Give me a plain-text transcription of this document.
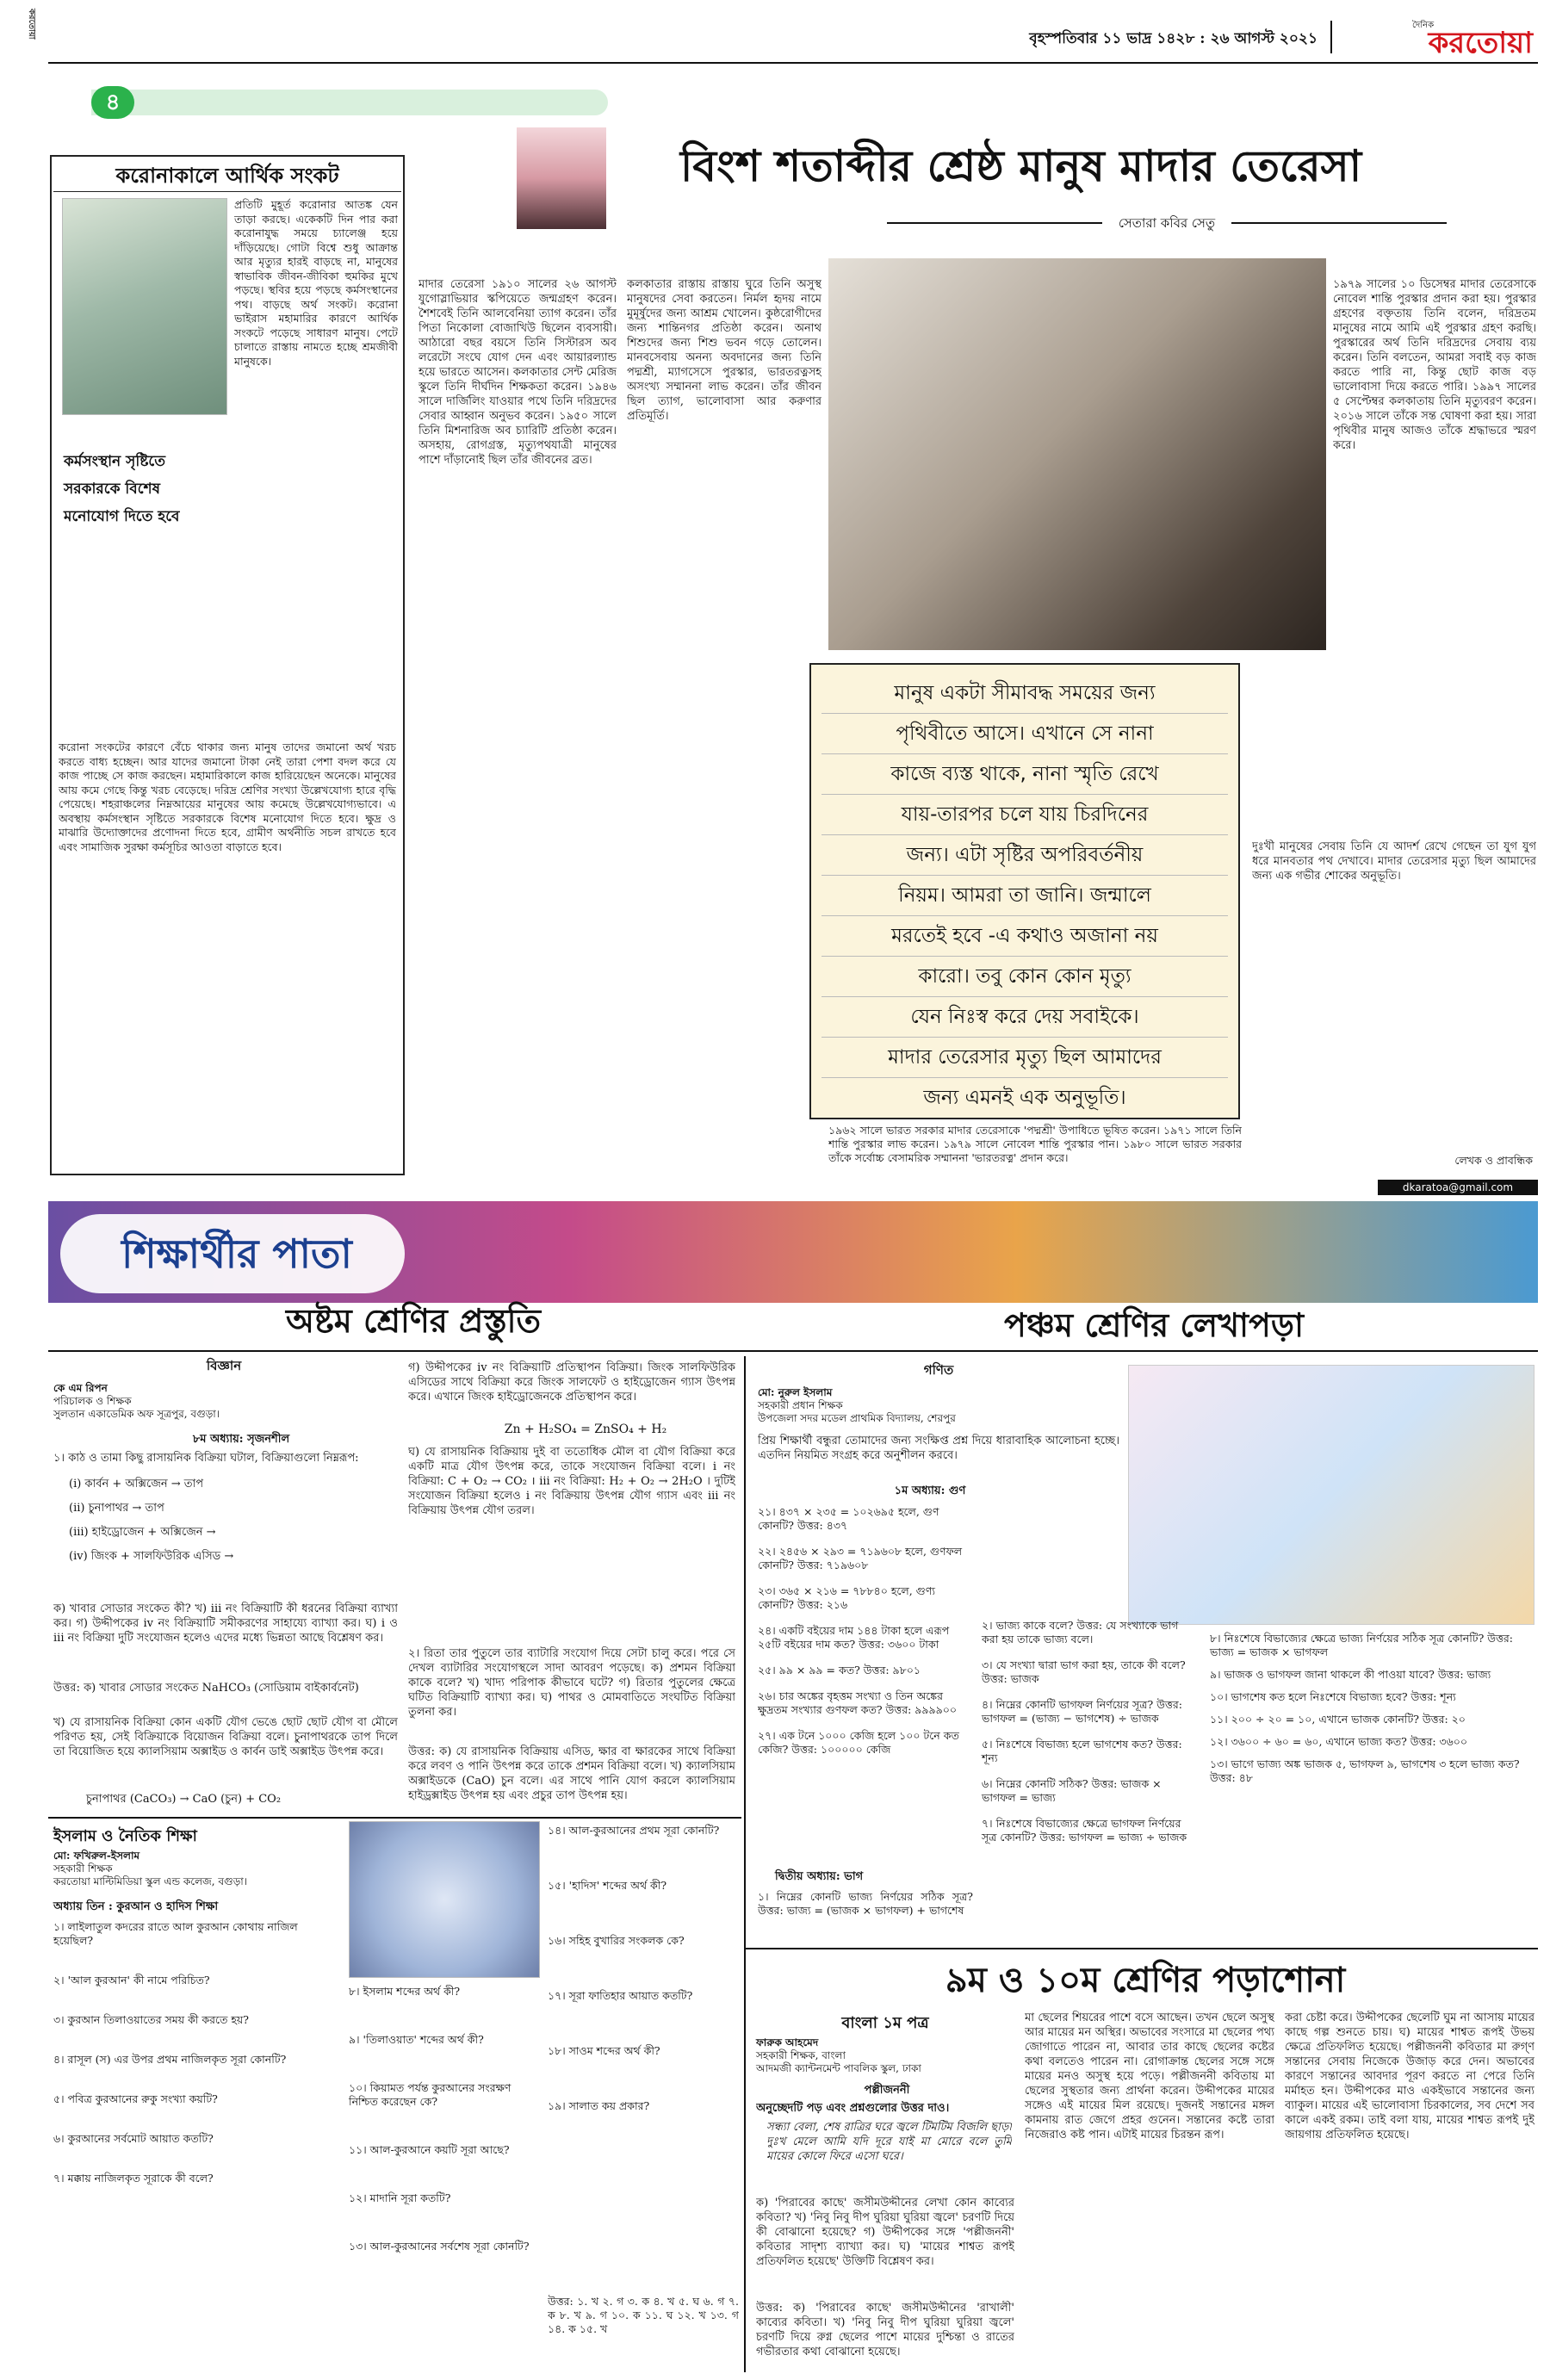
করতোয়া
৪
বৃহস্পতিবার ১১ ভাদ্র ১৪২৮ : ২৬ আগস্ট ২০২১
দৈনিক
করতোয়া
করোনাকালে আর্থিক সংকট
প্রতিটি মুহূর্ত করোনার আতঙ্ক যেন তাড়া করছে। একেকটি দিন পার করা করোনাযুদ্ধ সময়ে চ্যালেঞ্জ হয়ে দাঁড়িয়েছে। গোটা বিশ্বে শুধু আক্রান্ত আর মৃত্যুর হারই বাড়ছে না, মানুষের স্বাভাবিক জীবন-জীবিকা হুমকির মুখে পড়ছে। স্থবির হয়ে পড়ছে কর্মসংস্থানের পথ। বাড়ছে অর্থ সংকট। করোনা ভাইরাস মহামারির কারণে আর্থিক সংকটে পড়েছে সাধারণ মানুষ। পেটে চালাতে রাস্তায় নামতে হচ্ছে শ্রমজীবী মানুষকে।
কর্মসংস্থান সৃষ্টিতে সরকারকে বিশেষ মনোযোগ দিতে হবে
করোনা সংকটের কারণে বেঁচে থাকার জন্য মানুষ তাদের জমানো অর্থ খরচ করতে বাধ্য হচ্ছেন। আর যাদের জমানো টাকা নেই তারা পেশা বদল করে যে কাজ পাচ্ছে সে কাজ করছেন। মহামারিকালে কাজ হারিয়েছেন অনেকে। মানুষের আয় কমে গেছে কিন্তু খরচ বেড়েছে। দরিদ্র শ্রেণির সংখ্যা উল্লেখযোগ্য হারে বৃদ্ধি পেয়েছে। শহরাঞ্চলের নিম্নআয়ের মানুষের আয় কমেছে উল্লেখযোগ্যভাবে। এ অবস্থায় কর্মসংস্থান সৃষ্টিতে সরকারকে বিশেষ মনোযোগ দিতে হবে। ক্ষুদ্র ও মাঝারি উদ্যোক্তাদের প্রণোদনা দিতে হবে, গ্রামীণ অর্থনীতি সচল রাখতে হবে এবং সামাজিক সুরক্ষা কর্মসূচির আওতা বাড়াতে হবে।
বিংশ শতাব্দীর শ্রেষ্ঠ মানুষ মাদার তেরেসা
সেতারা কবির সেতু
মাদার তেরেসা ১৯১০ সালের ২৬ আগস্ট যুগোস্লাভিয়ার স্কপিয়েতে জন্মগ্রহণ করেন। শৈশবেই তিনি আলবেনিয়া ত্যাগ করেন। তাঁর পিতা নিকোলা বোজাখিউ ছিলেন ব্যবসায়ী। আঠারো বছর বয়সে তিনি সিস্টারস অব লরেটো সংঘে যোগ দেন এবং আয়ারল্যান্ড হয়ে ভারতে আসেন। কলকাতার সেন্ট মেরিজ স্কুলে তিনি দীর্ঘদিন শিক্ষকতা করেন। ১৯৪৬ সালে দার্জিলিং যাওয়ার পথে তিনি দরিদ্রদের সেবার আহ্বান অনুভব করেন। ১৯৫০ সালে তিনি মিশনারিজ অব চ্যারিটি প্রতিষ্ঠা করেন। অসহায়, রোগগ্রস্ত, মৃত্যুপথযাত্রী মানুষের পাশে দাঁড়ানোই ছিল তাঁর জীবনের ব্রত।
কলকাতার রাস্তায় রাস্তায় ঘুরে তিনি অসুস্থ মানুষদের সেবা করতেন। নির্মল হৃদয় নামে মুমূর্ষুদের জন্য আশ্রম খোলেন। কুষ্ঠরোগীদের জন্য শান্তিনগর প্রতিষ্ঠা করেন। অনাথ শিশুদের জন্য শিশু ভবন গড়ে তোলেন। মানবসেবায় অনন্য অবদানের জন্য তিনি পদ্মশ্রী, ম্যাগসেসে পুরস্কার, ভারতরত্নসহ অসংখ্য সম্মাননা লাভ করেন। তাঁর জীবন ছিল ত্যাগ, ভালোবাসা আর করুণার প্রতিমূর্তি।
মানুষ একটা সীমাবদ্ধ সময়ের জন্য
পৃথিবীতে আসে। এখানে সে নানা
কাজে ব্যস্ত থাকে, নানা স্মৃতি রেখে
যায়-তারপর চলে যায় চিরদিনের
জন্য। এটা সৃষ্টির অপরিবর্তনীয়
নিয়ম। আমরা তা জানি। জন্মালে
মরতেই হবে -এ কথাও অজানা নয়
কারো। তবু কোন কোন মৃত্যু
যেন নিঃস্ব করে দেয় সবাইকে।
মাদার তেরেসার মৃত্যু ছিল আমাদের
জন্য এমনই এক অনুভূতি।
১৯৭৯ সালের ১০ ডিসেম্বর মাদার তেরেসাকে নোবেল শান্তি পুরস্কার প্রদান করা হয়। পুরস্কার গ্রহণের বক্তৃতায় তিনি বলেন, দরিদ্রতম মানুষের নামে আমি এই পুরস্কার গ্রহণ করছি। পুরস্কারের অর্থ তিনি দরিদ্রদের সেবায় ব্যয় করেন। তিনি বলতেন, আমরা সবাই বড় কাজ করতে পারি না, কিন্তু ছোট কাজ বড় ভালোবাসা দিয়ে করতে পারি। ১৯৯৭ সালের ৫ সেপ্টেম্বর কলকাতায় তিনি মৃত্যুবরণ করেন। ২০১৬ সালে তাঁকে সন্ত ঘোষণা করা হয়। সারা পৃথিবীর মানুষ আজও তাঁকে শ্রদ্ধাভরে স্মরণ করে।
দুঃখী মানুষের সেবায় তিনি যে আদর্শ রেখে গেছেন তা যুগ যুগ ধরে মানবতার পথ দেখাবে। মাদার তেরেসার মৃত্যু ছিল আমাদের জন্য এক গভীর শোকের অনুভূতি।
১৯৬২ সালে ভারত সরকার মাদার তেরেসাকে 'পদ্মশ্রী' উপাধিতে ভূষিত করেন। ১৯৭১ সালে তিনি শান্তি পুরস্কার লাভ করেন। ১৯৭৯ সালে নোবেল শান্তি পুরস্কার পান। ১৯৮০ সালে ভারত সরকার তাঁকে সর্বোচ্চ বেসামরিক সম্মাননা 'ভারতরত্ন' প্রদান করে।	লেখক ও প্রাবন্ধিক
dkaratoa@gmail.com
শিক্ষার্থীর পাতা
অষ্টম শ্রেণির প্রস্তুতি	পঞ্চম শ্রেণির লেখাপড়া
বিজ্ঞান
কে এম রিপন
পরিচালক ও শিক্ষক
সুলতান একাডেমিক অফ সূত্রপুর, বগুড়া।
৮ম অধ্যায়: সৃজনশীল
১। কাঠ ও তামা কিছু রাসায়নিক বিক্রিয়া ঘটাল, বিক্রিয়াগুলো নিম্নরূপ:
(i) কার্বন + অক্সিজেন → তাপ
(ii) চুনাপাথর → তাপ
(iii) হাইড্রোজেন + অক্সিজেন →
(iv) জিংক + সালফিউরিক এসিড →
ক) খাবার সোডার সংকেত কী? খ) iii নং বিক্রিয়াটি কী ধরনের বিক্রিয়া ব্যাখ্যা কর। গ) উদ্দীপকের iv নং বিক্রিয়াটি সমীকরণের সাহায্যে ব্যাখ্যা কর। ঘ) i ও iii নং বিক্রিয়া দুটি সংযোজন হলেও এদের মধ্যে ভিন্নতা আছে বিশ্লেষণ কর।
উত্তর: ক) খাবার সোডার সংকেত NaHCO₃ (সোডিয়াম বাইকার্বনেট)
খ) যে রাসায়নিক বিক্রিয়া কোন একটি যৌগ ভেঙে ছোট ছোট যৌগ বা মৌলে পরিণত হয়, সেই বিক্রিয়াকে বিয়োজন বিক্রিয়া বলে। চুনাপাথরকে তাপ দিলে তা বিয়োজিত হয়ে ক্যালসিয়াম অক্সাইড ও কার্বন ডাই অক্সাইড উৎপন্ন করে।
চুনাপাথর (CaCO₃) → CaO (চুন) + CO₂
গ) উদ্দীপকের iv নং বিক্রিয়াটি প্রতিস্থাপন বিক্রিয়া। জিংক সালফিউরিক এসিডের সাথে বিক্রিয়া করে জিংক সালফেট ও হাইড্রোজেন গ্যাস উৎপন্ন করে। এখানে জিংক হাইড্রোজেনকে প্রতিস্থাপন করে।
Zn + H₂SO₄ = ZnSO₄ + H₂
ঘ) যে রাসায়নিক বিক্রিয়ায় দুই বা ততোধিক মৌল বা যৌগ বিক্রিয়া করে একটি মাত্র যৌগ উৎপন্ন করে, তাকে সংযোজন বিক্রিয়া বলে। i নং বিক্রিয়া: C + O₂ → CO₂ । iii নং বিক্রিয়া: H₂ + O₂ → 2H₂O । দুটিই সংযোজন বিক্রিয়া হলেও i নং বিক্রিয়ায় উৎপন্ন যৌগ গ্যাস এবং iii নং বিক্রিয়ায় উৎপন্ন যৌগ তরল।
২। রিতা তার পুতুলে তার ব্যাটারি সংযোগ দিয়ে সেটা চালু করে। পরে সে দেখল ব্যাটারির সংযোগস্থলে সাদা আবরণ পড়েছে। ক) প্রশমন বিক্রিয়া কাকে বলে? খ) খাদ্য পরিপাক কীভাবে ঘটে? গ) রিতার পুতুলের ক্ষেত্রে ঘটিত বিক্রিয়াটি ব্যাখ্যা কর। ঘ) পাথর ও মোমবাতিতে সংঘটিত বিক্রিয়া তুলনা কর।
উত্তর: ক) যে রাসায়নিক বিক্রিয়ায় এসিড, ক্ষার বা ক্ষারকের সাথে বিক্রিয়া করে লবণ ও পানি উৎপন্ন করে তাকে প্রশমন বিক্রিয়া বলে। খ) ক্যালসিয়াম অক্সাইডকে (CaO) চুন বলে। এর সাথে পানি যোগ করলে ক্যালসিয়াম হাইড্রক্সাইড উৎপন্ন হয় এবং প্রচুর তাপ উৎপন্ন হয়।
ইসলাম ও নৈতিক শিক্ষা
মো: ফখিরুল-ইসলাম
সহকারী শিক্ষক
করতোয়া মাল্টিমিডিয়া স্কুল এন্ড কলেজ, বগুড়া।
অধ্যায় তিন : কুরআন ও হাদিস শিক্ষা
১। লাইলাতুল কদরের রাতে আল কুরআন কোথায় নাজিল হয়েছিল?
২। 'আল কুরআন' কী নামে পরিচিত?
৩। কুরআন তিলাওয়াতের সময় কী করতে হয়?
৪। রাসূল (স) এর উপর প্রথম নাজিলকৃত সূরা কোনটি?
৫। পবিত্র কুরআনের রুকু সংখ্যা কয়টি?
৬। কুরআনের সর্বমোট আয়াত কতটি?
৭। মক্কায় নাজিলকৃত সূরাকে কী বলে?
৮। ইসলাম শব্দের অর্থ কী?
৯। 'তিলাওয়াত' শব্দের অর্থ কী?
১০। কিয়ামত পর্যন্ত কুরআনের সংরক্ষণ নিশ্চিত করেছেন কে?
১১। আল-কুরআনে কয়টি সূরা আছে?
১২। মাদানি সূরা কতটি?
১৩। আল-কুরআনের সর্বশেষ সূরা কোনটি?
১৪। আল-কুরআনের প্রথম সূরা কোনটি?
১৫। 'হাদিস' শব্দের অর্থ কী?
১৬। সহিহ বুখারির সংকলক কে?
১৭। সূরা ফাতিহার আয়াত কতটি?
১৮। সাওম শব্দের অর্থ কী?
১৯। সালাত কয় প্রকার?
উত্তর: ১. খ ২. গ ৩. ক ৪. খ ৫. ঘ ৬. গ ৭. ক ৮. খ ৯. গ ১০. ক ১১. ঘ ১২. খ ১৩. গ ১৪. ক ১৫. খ
গণিত
মো: নুরুল ইসলাম
সহকারী প্রধান শিক্ষক
উপজেলা সদর মডেল প্রাথমিক বিদ্যালয়, শেরপুর
প্রিয় শিক্ষার্থী বন্ধুরা তোমাদের জন্য সংক্ষিপ্ত প্রশ্ন দিয়ে ধারাবাহিক আলোচনা হচ্ছে। এতদিন নিয়মিত সংগ্রহ করে অনুশীলন করবে।
১ম অধ্যায়: গুণ
২১। ৪৩৭ × ২৩৫ = ১০২৬৯৫ হলে, গুণ কোনটি? উত্তর: ৪৩৭
২২। ২৪৫৬ × ২৯৩ = ৭১৯৬০৮ হলে, গুণফল কোনটি? উত্তর: ৭১৯৬০৮
২৩। ৩৬৫ × ২১৬ = ৭৮৮৪০ হলে, গুণ্য কোনটি? উত্তর: ২১৬
২৪। একটি বইয়ের দাম ১৪৪ টাকা হলে এরূপ ২৫টি বইয়ের দাম কত? উত্তর: ৩৬০০ টাকা
২৫। ৯৯ × ৯৯ = কত? উত্তর: ৯৮০১
২৬। চার অঙ্কের বৃহত্তম সংখ্যা ও তিন অঙ্কের ক্ষুদ্রতম সংখ্যার গুণফল কত? উত্তর: ৯৯৯৯০০
২৭। এক টনে ১০০০ কেজি হলে ১০০ টনে কত কেজি? উত্তর: ১০০০০০ কেজি
দ্বিতীয় অধ্যায়: ভাগ
১। নিম্নের কোনটি ভাজ্য নির্ণয়ের সঠিক সূত্র? উত্তর: ভাজ্য = (ভাজক × ভাগফল) + ভাগশেষ
২। ভাজ্য কাকে বলে? উত্তর: যে সংখ্যাকে ভাগ করা হয় তাকে ভাজ্য বলে।
৩। যে সংখ্যা দ্বারা ভাগ করা হয়, তাকে কী বলে? উত্তর: ভাজক
৪। নিম্নের কোনটি ভাগফল নির্ণয়ের সূত্র? উত্তর: ভাগফল = (ভাজ্য − ভাগশেষ) ÷ ভাজক
৫। নিঃশেষে বিভাজ্য হলে ভাগশেষ কত? উত্তর: শূন্য
৬। নিম্নের কোনটি সঠিক? উত্তর: ভাজক × ভাগফল = ভাজ্য
৭। নিঃশেষে বিভাজ্যের ক্ষেত্রে ভাগফল নির্ণয়ের সূত্র কোনটি? উত্তর: ভাগফল = ভাজ্য ÷ ভাজক
৮। নিঃশেষে বিভাজ্যের ক্ষেত্রে ভাজ্য নির্ণয়ের সঠিক সূত্র কোনটি? উত্তর: ভাজ্য = ভাজক × ভাগফল
৯। ভাজক ও ভাগফল জানা থাকলে কী পাওয়া যাবে? উত্তর: ভাজ্য
১০। ভাগশেষ কত হলে নিঃশেষে বিভাজ্য হবে? উত্তর: শূন্য
১১। ২০০ ÷ ২০ = ১০, এখানে ভাজক কোনটি? উত্তর: ২০
১২। ৩৬০০ ÷ ৬০ = ৬০, এখানে ভাজ্য কত? উত্তর: ৩৬০০
১৩। ভাগে ভাজ্য অঙ্ক ভাজক ৫, ভাগফল ৯, ভাগশেষ ৩ হলে ভাজ্য কত? উত্তর: ৪৮
৯ম ও ১০ম শ্রেণির পড়াশোনা
বাংলা ১ম পত্র
ফারুক আহমেদ
সহকারী শিক্ষক, বাংলা
আদমজী ক্যান্টনমেন্ট পাবলিক স্কুল, ঢাকা
পল্লীজননী
অনুচ্ছেদটি পড় এবং প্রশ্নগুলোর উত্তর দাও।
সন্ধ্যা বেলা, শেষ রাত্রির ঘরে জ্বলে টিমটিম বিজলি ছাড়া দুঃখ মেলে আমি যদি দূরে যাই মা মোরে বলে তুমি মায়ের কোলে ফিরে এসো ঘরে।
ক) 'পিরাবের কাছে' জসীমউদ্দীনের লেখা কোন কাব্যের কবিতা? খ) 'নিবু নিবু দীপ ঘুরিয়া ঘুরিয়া জ্বলে' চরণটি দিয়ে কী বোঝানো হয়েছে? গ) উদ্দীপকের সঙ্গে 'পল্লীজননী' কবিতার সাদৃশ্য ব্যাখ্যা কর। ঘ) 'মায়ের শাশ্বত রূপই প্রতিফলিত হয়েছে' উক্তিটি বিশ্লেষণ কর।
উত্তর: ক) 'পিরাবের কাছে' জসীমউদ্দীনের 'রাখালী' কাব্যের কবিতা। খ) 'নিবু নিবু দীপ ঘুরিয়া ঘুরিয়া জ্বলে' চরণটি দিয়ে রুগ্ন ছেলের পাশে মায়ের দুশ্চিন্তা ও রাতের গভীরতার কথা বোঝানো হয়েছে।
মা ছেলের শিয়রের পাশে বসে আছেন। তখন ছেলে অসুস্থ আর মায়ের মন অস্থির। অভাবের সংসারে মা ছেলের পথ্য জোগাতে পারেন না, আবার তার কাছে ছেলের কষ্টের কথা বলতেও পারেন না। রোগাক্রান্ত ছেলের সঙ্গে সঙ্গে মায়ের মনও অসুস্থ হয়ে পড়ে। পল্লীজননী কবিতায় মা ছেলের সুস্থতার জন্য প্রার্থনা করেন। উদ্দীপকের মায়ের সঙ্গেও এই মায়ের মিল রয়েছে। দুজনই সন্তানের মঙ্গল কামনায় রাত জেগে প্রহর গুনেন। সন্তানের কষ্টে তারা নিজেরাও কষ্ট পান। এটাই মায়ের চিরন্তন রূপ।
করা চেষ্টা করে। উদ্দীপকের ছেলেটি ঘুম না আসায় মায়ের কাছে গল্প শুনতে চায়। ঘ) মায়ের শাশ্বত রূপই উভয় ক্ষেত্রে প্রতিফলিত হয়েছে। পল্লীজননী কবিতার মা রুগ্ণ সন্তানের সেবায় নিজেকে উজাড় করে দেন। অভাবের কারণে সন্তানের আবদার পূরণ করতে না পেরে তিনি মর্মাহত হন। উদ্দীপকের মাও একইভাবে সন্তানের জন্য ব্যাকুল। মায়ের এই ভালোবাসা চিরকালের, সব দেশে সব কালে একই রকম। তাই বলা যায়, মায়ের শাশ্বত রূপই দুই জায়গায় প্রতিফলিত হয়েছে।
